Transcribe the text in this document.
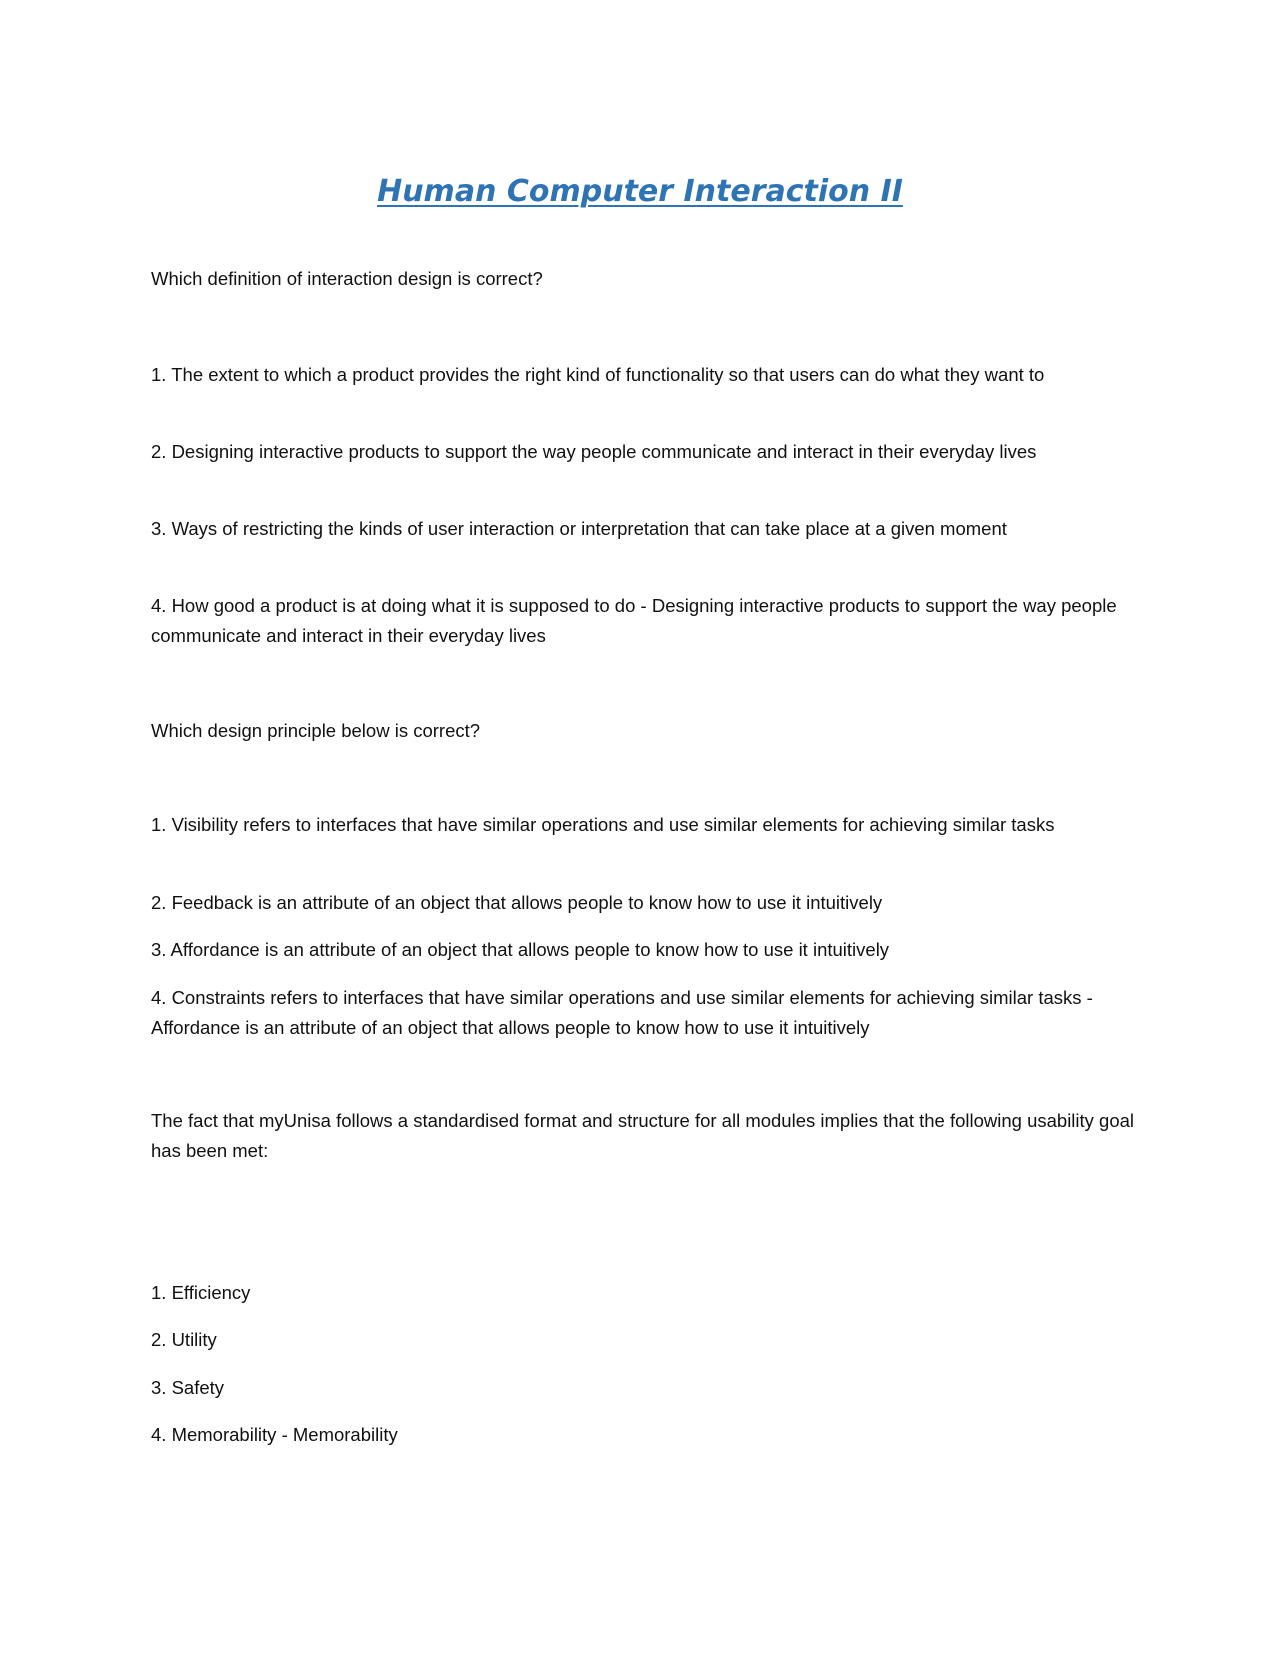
Human Computer Interaction II
Which definition of interaction design is correct?
1. The extent to which a product provides the right kind of functionality so that users can do what they want to
2. Designing interactive products to support the way people communicate and interact in their everyday lives
3. Ways of restricting the kinds of user interaction or interpretation that can take place at a given moment
4. How good a product is at doing what it is supposed to do - Designing interactive products to support the way people communicate and interact in their everyday lives
Which design principle below is correct?
1. Visibility refers to interfaces that have similar operations and use similar elements for achieving similar tasks
2. Feedback is an attribute of an object that allows people to know how to use it intuitively
3. Affordance is an attribute of an object that allows people to know how to use it intuitively
4. Constraints refers to interfaces that have similar operations and use similar elements for achieving similar tasks - Affordance is an attribute of an object that allows people to know how to use it intuitively
The fact that myUnisa follows a standardised format and structure for all modules implies that the following usability goal has been met:
1. Efficiency
2. Utility
3. Safety
4. Memorability - Memorability
